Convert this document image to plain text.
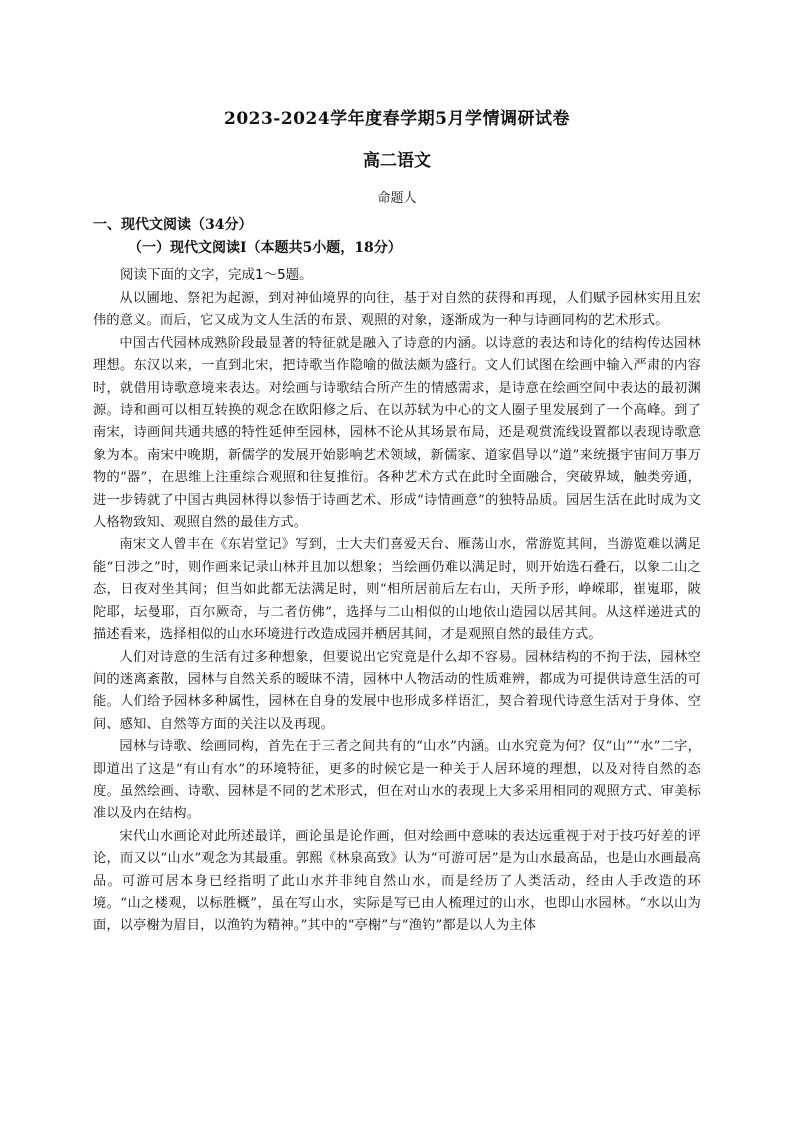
2023-2024学年度春学期5月学情调研试卷
高二语文
命题人
一、现代文阅读（34分）
（一）现代文阅读Ⅰ（本题共5小题，18分）
阅读下面的文字，完成1～5题。

从以圃地、祭祀为起源，到对神仙境界的向往，基于对自然的获得和再现，人们赋予园林实用且宏伟的意义。而后，它又成为文人生活的布景、观照的对象，逐渐成为一种与诗画同构的艺术形式。

中国古代园林成熟阶段最显著的特征就是融入了诗意的内涵。以诗意的表达和诗化的结构传达园林理想。东汉以来，一直到北宋，把诗歌当作隐喻的做法颇为盛行。文人们试图在绘画中输入严肃的内容时，就借用诗歌意境来表达。对绘画与诗歌结合所产生的情感需求，是诗意在绘画空间中表达的最初渊源。诗和画可以相互转换的观念在欧阳修之后、在以苏轼为中心的文人圈子里发展到了一个高峰。到了南宋，诗画间共通共感的特性延伸至园林，园林不论从其场景布局，还是观赏流线设置都以表现诗歌意象为本。南宋中晚期，新儒学的发展开始影响艺术领域，新儒家、道家倡导以“道”来统摄宇宙间万事万物的“器”，在思维上注重综合观照和往复推衍。各种艺术方式在此时全面融合，突破界域，触类旁通，进一步铸就了中国古典园林得以参悟于诗画艺术、形成“诗情画意”的独特品质。园居生活在此时成为文人格物致知、观照自然的最佳方式。

南宋文人曾丰在《东岩堂记》写到，士大夫们喜爱天台、雁荡山水，常游览其间，当游览难以满足能“日涉之”时，则作画来记录山林并且加以想象；当绘画仍难以满足时，则开始选石叠石，以象二山之态，日夜对坐其间；但当如此都无法满足时，则“相所居前后左右山，天所予形，峥嵘耶，崔嵬耶，陂陀耶，坛曼耶，百尔厥奇，与二者仿佛”，选择与二山相似的山地依山造园以居其间。从这样递进式的描述看来，选择相似的山水环境进行改造成园并栖居其间，才是观照自然的最佳方式。

人们对诗意的生活有过多种想象，但要说出它究竟是什么却不容易。园林结构的不拘于法，园林空间的迷离紊散，园林与自然关系的暧昧不清，园林中人物活动的性质难辨，都成为可提供诗意生活的可能。人们给予园林多种属性，园林在自身的发展中也形成多样语汇，契合着现代诗意生活对于身体、空间、感知、自然等方面的关注以及再现。

园林与诗歌、绘画同构，首先在于三者之间共有的“山水”内涵。山水究竟为何？仅“山”“水”二字，即道出了这是“有山有水”的环境特征，更多的时候它是一种关于人居环境的理想，以及对待自然的态度。虽然绘画、诗歌、园林是不同的艺术形式，但在对山水的表现上大多采用相同的观照方式、审美标准以及内在结构。

宋代山水画论对此所述最详，画论虽是论作画，但对绘画中意味的表达远重视于对于技巧好差的评论，而又以“山水”观念为其最重。郭熙《林泉高致》认为“可游可居”是为山水最高品，也是山水画最高品。可游可居本身已经指明了此山水并非纯自然山水，而是经历了人类活动，经由人手改造的环境。“山之楼观，以标胜概”，虽在写山水，实际是写已由人梳理过的山水，也即山水园林。“水以山为面，以亭榭为眉目，以渔钓为精神。”其中的“亭榭”与“渔钓”都是以人为主体
